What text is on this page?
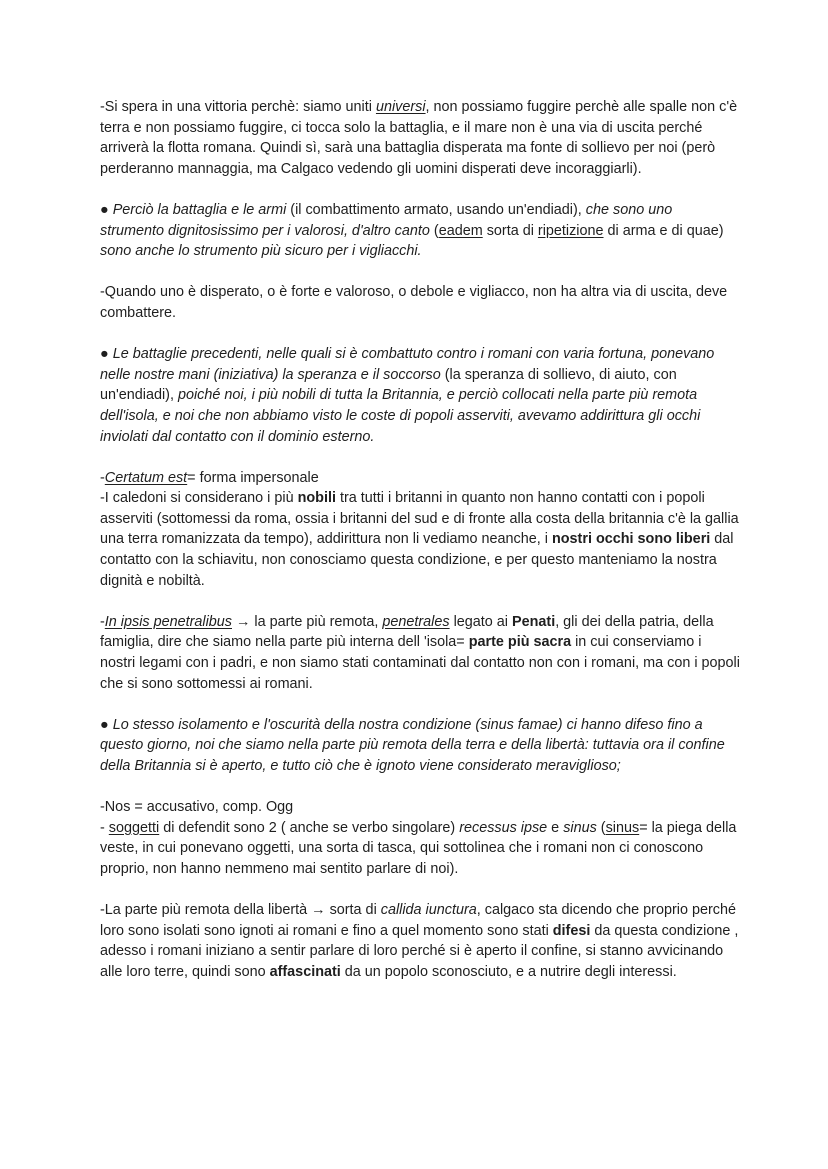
-Si spera in una vittoria perchè: siamo uniti universi, non possiamo fuggire perchè alle spalle non c'è terra e non possiamo fuggire, ci tocca solo la battaglia, e il mare non è una via di uscita perché arriverà la flotta romana. Quindi sì, sarà una battaglia disperata ma fonte di sollievo per noi (però perderanno mannaggia, ma Calgaco vedendo gli uomini disperati deve incoraggiarli).

● Perciò la battaglia e le armi (il combattimento armato, usando un'endiadi), che sono uno strumento dignitosissimo per i valorosi, d'altro canto (eadem sorta di ripetizione di arma e di quae) sono anche lo strumento più sicuro per i vigliacchi.

-Quando uno è disperato, o è forte e valoroso, o debole e vigliacco, non ha altra via di uscita, deve combattere.

● Le battaglie precedenti, nelle quali si è combattuto contro i romani con varia fortuna, ponevano nelle nostre mani (iniziativa) la speranza e il soccorso (la speranza di sollievo, di aiuto, con un'endiadi), poiché noi, i più nobili di tutta la Britannia, e perciò collocati nella parte più remota dell'isola, e noi che non abbiamo visto le coste di popoli asserviti, avevamo addirittura gli occhi inviolati dal contatto con il dominio esterno.

-Certatum est= forma impersonale

-I caledoni si considerano i più nobili tra tutti i britanni in quanto non hanno contatti con i popoli asserviti (sottomessi da roma, ossia i britanni del sud e di fronte alla costa della britannia c'è la gallia una terra romanizzata da tempo), addirittura non li vediamo neanche, i nostri occhi sono liberi dal contatto con la schiavitu, non conosciamo questa condizione, e per questo manteniamo la nostra dignità e nobiltà.

-In ipsis penetralibus → la parte più remota, penetrales legato ai Penati, gli dei della patria, della famiglia, dire che siamo nella parte più interna dell 'isola= parte più sacra in cui conserviamo i nostri legami con i padri, e non siamo stati contaminati dal contatto non con i romani, ma con i popoli che si sono sottomessi ai romani.

● Lo stesso isolamento e l'oscurità della nostra condizione (sinus famae) ci hanno difeso fino a questo giorno, noi che siamo nella parte più remota della terra e della libertà: tuttavia ora il confine della Britannia si è aperto, e tutto ciò che è ignoto viene considerato meraviglioso;

-Nos = accusativo, comp. Ogg

- soggetti di defendit sono 2 ( anche se verbo singolare) recessus ipse e sinus (sinus= la piega della veste, in cui ponevano oggetti, una sorta di tasca, qui sottolinea che i romani non ci conoscono proprio, non hanno nemmeno mai sentito parlare di noi).

-La parte più remota della libertà → sorta di callida iunctura, calgaco sta dicendo che proprio perché loro sono isolati sono ignoti ai romani e fino a quel momento sono stati difesi da questa condizione , adesso i romani iniziano a sentir parlare di loro perché si è aperto il confine, si stanno avvicinando alle loro terre, quindi sono affascinati da un popolo sconosciuto, e a nutrire degli interessi.
